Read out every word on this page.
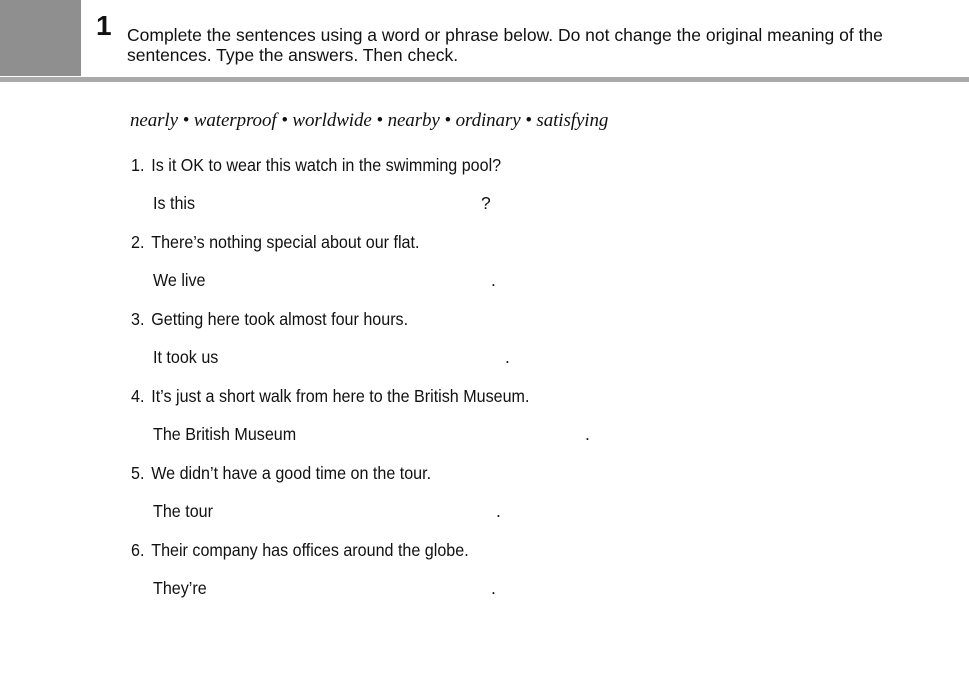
1 Complete the sentences using a word or phrase below. Do not change the original meaning of the sentences. Type the answers. Then check.
nearly • waterproof • worldwide • nearby • ordinary • satisfying
1. Is it OK to wear this watch in the swimming pool?
Is this	?
2. There’s nothing special about our flat.
We live	.
3. Getting here took almost four hours.
It took us	.
4. It’s just a short walk from here to the British Museum.
The British Museum	.
5. We didn’t have a good time on the tour.
The tour	.
6. Their company has offices around the globe.
They’re	.
